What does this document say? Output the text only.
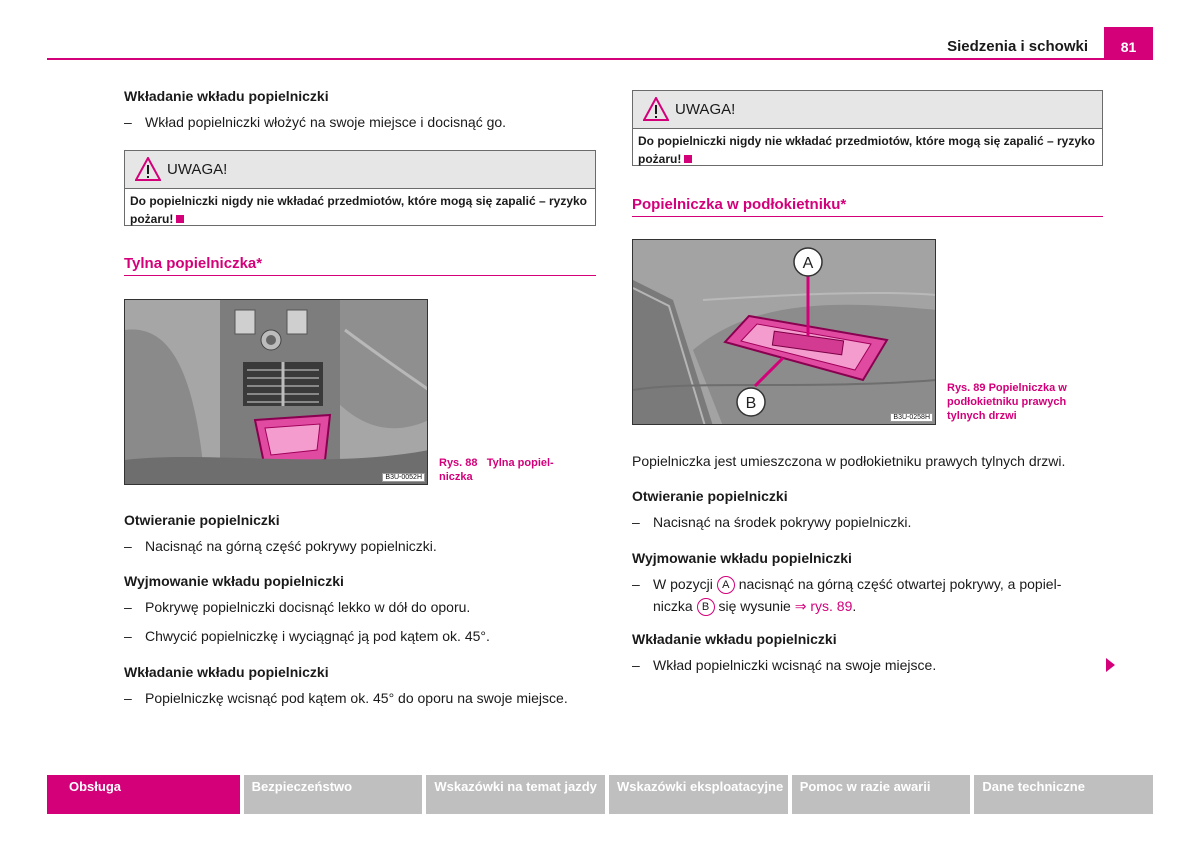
Siedzenia i schowki	81
Wkładanie wkładu popielniczki
– Wkład popielniczki włożyć na swoje miejsce i docisnąć go.
UWAGA!
Do popielniczki nigdy nie wkładać przedmiotów, które mogą się zapalić – ryzyko pożaru!
Tylna popielniczka*
B3U-0052H
Rys. 88 Tylna popiel-
niczka
Otwieranie popielniczki
– Nacisnąć na górną część pokrywy popielniczki.
Wyjmowanie wkładu popielniczki
– Pokrywę popielniczki docisnąć lekko w dół do oporu.
– Chwycić popielniczkę i wyciągnąć ją pod kątem ok. 45°.
Wkładanie wkładu popielniczki
– Popielniczkę wcisnąć pod kątem ok. 45° do oporu na swoje miejsce.
UWAGA!
Do popielniczki nigdy nie wkładać przedmiotów, które mogą się zapalić – ryzyko pożaru!
Popielniczka w podłokietniku*
A
B
B3U-0258H
Rys. 89 Popielniczka w
podłokietniku prawych
tylnych drzwi
Popielniczka jest umieszczona w podłokietniku prawych tylnych drzwi.
Otwieranie popielniczki
– Nacisnąć na środek pokrywy popielniczki.
Wyjmowanie wkładu popielniczki
– W pozycji A nacisnąć na górną część otwartej pokrywy, a popiel-
niczka B się wysunie ⇒ rys. 89.
Wkładanie wkładu popielniczki
– Wkład popielniczki wcisnąć na swoje miejsce.
Obsługa	Bezpieczeństwo	Wskazówki na temat jazdy	Wskazówki eksploatacyjne	Pomoc w razie awarii	Dane techniczne
